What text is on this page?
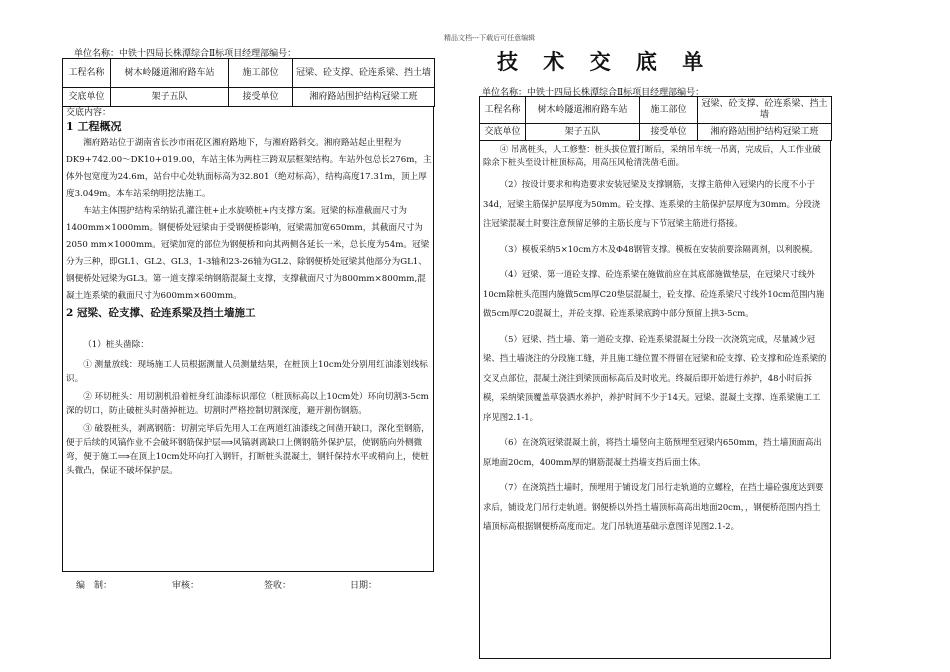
精品文档---下载后可任意编辑
技 术 交 底 单
单位名称：中铁十四局长株潭综合Ⅱ标项目经理部编号：
工程名称	树木岭隧道湘府路车站	施工部位	冠梁、砼支撑、砼连系梁、挡土墙
交底单位	架子五队	接受单位	湘府路站围护结构冠梁工班

交底内容：

1 工程概况

湘府路站位于湖南省长沙市雨花区湘府路地下，与湘府路斜交。湘府路站起止里程为DK9+742.00～DK10+019.00，车站主体为两柱三跨双层框架结构。车站外包总长276m，主体外包宽度为24.6m，站台中心处轨面标高为32.801（绝对标高），结构高度17.31m，顶上厚度3.049m。本车站采纳明挖法施工。

车站主体围护结构采纳钻孔灌注桩+止水旋喷桩+内支撑方案。冠梁的标准截面尺寸为1400mm×1000mm。钢便桥处冠梁由于受钢便桥影响，冠梁需加宽650mm，其截面尺寸为2050 mm×1000mm。冠梁加宽的部位为钢便桥和向其两侧各延长一米，总长度为54m。冠梁分为三种，即GL1、GL2、GL3，1-3轴和23-26轴为GL2、除钢便桥处冠梁其他部分为GL1、钢便桥处冠梁为GL3。第一道支撑采纳钢筋混凝土支撑，支撑截面尺寸为800mm×800mm,混凝土连系梁的截面尺寸为600mm×600mm。

2 冠梁、砼支撑、砼连系梁及挡土墙施工

（1）桩头凿除：

① 测量放线：现场施工人员根据测量人员测量结果，在桩顶上10cm处分别用红油漆划线标识。

② 环切桩头：用切割机沿着桩身红油漆标识部位（桩顶标高以上10cm处）环向切割3-5cm深的切口，防止破桩头时凿掉桩边。切割时严格控制切割深度，避开割伤钢筋。

③ 破裂桩头，剥离钢筋：切割完毕后先用人工在两道红油漆线之间凿开缺口，深化至钢筋，便于后续的风镐作业不会破坏钢筋保护层⟹风镐剥离缺口上侧钢筋外保护层，使钢筋向外侧微弯，便于施工⟹在顶上10cm处环向打入钢钎，打断桩头混凝土，钢钎保持水平或稍向上，使桩头微凸，保证不破坏保护层。

编　制：	审核：	签收：	日期：
单位名称：中铁十四局长株潭综合Ⅱ标项目经理部编号：
工程名称	树木岭隧道湘府路车站	施工部位	冠梁、砼支撑、砼连系梁、挡土墙
交底单位	架子五队	接受单位	湘府路站围护结构冠梁工班

④ 吊离桩头，人工修整：桩头拔位置打断后，采纳吊车统一吊离，完成后，人工作业破除余下桩头至设计桩顶标高，用高压风枪清洗凿毛面。

（2）按设计要求和构造要求安装冠梁及支撑钢筋，支撑主筋伸入冠梁内的长度不小于34d，冠梁主筋保护层厚度为50mm。砼支撑、连系梁的主筋保护层厚度为30mm。分段浇注冠梁混凝土时要注意预留足够的主筋长度与下节冠梁主筋进行搭接。

（3）模板采纳5×10cm方木及Φ48钢管支撑。模板在安装前要涂隔离剂，以利脱模。

（4）冠梁、第一道砼支撑、砼连系梁在施做前应在其底部施做垫层，在冠梁尺寸线外10cm除桩头范围内施做5cm厚C20垫层混凝土，砼支撑、砼连系梁尺寸线外10cm范围内施做5cm厚C20混凝土，并砼支撑、砼连系梁底跨中部分预留上拱3-5cm。

（5）冠梁、挡土墙、第一道砼支撑、砼连系梁混凝土分段一次浇筑完成，尽量减少冠梁、挡土墙浇注的分段施工缝，并且施工缝位置不得留在冠梁和砼支撑、砼支撑和砼连系梁的交叉点部位，混凝土浇注到梁顶面标高后及时收光。终凝后即开始进行养护，48小时后拆模，采纳梁顶覆盖草袋洒水养护，养护时间不少于14天。冠梁、混凝土支撑、连系梁施工工序见图2.1-1。

（6）在浇筑冠梁混凝土前，将挡土墙竖向主筋预埋至冠梁内650mm，挡土墙顶面高出原地面20cm，400mm厚的钢筋混凝土挡墙支挡后面土体。

（7）在浇筑挡土墙时，预埋用于铺设龙门吊行走轨道的立螺栓，在挡土墙砼强度达到要求后，铺设龙门吊行走轨道。钢便桥以外挡土墙顶标高高出地面20cm，，钢便桥范围内挡土墙顶标高根据钢便桥高度而定。龙门吊轨道基础示意图详见图2.1-2。
